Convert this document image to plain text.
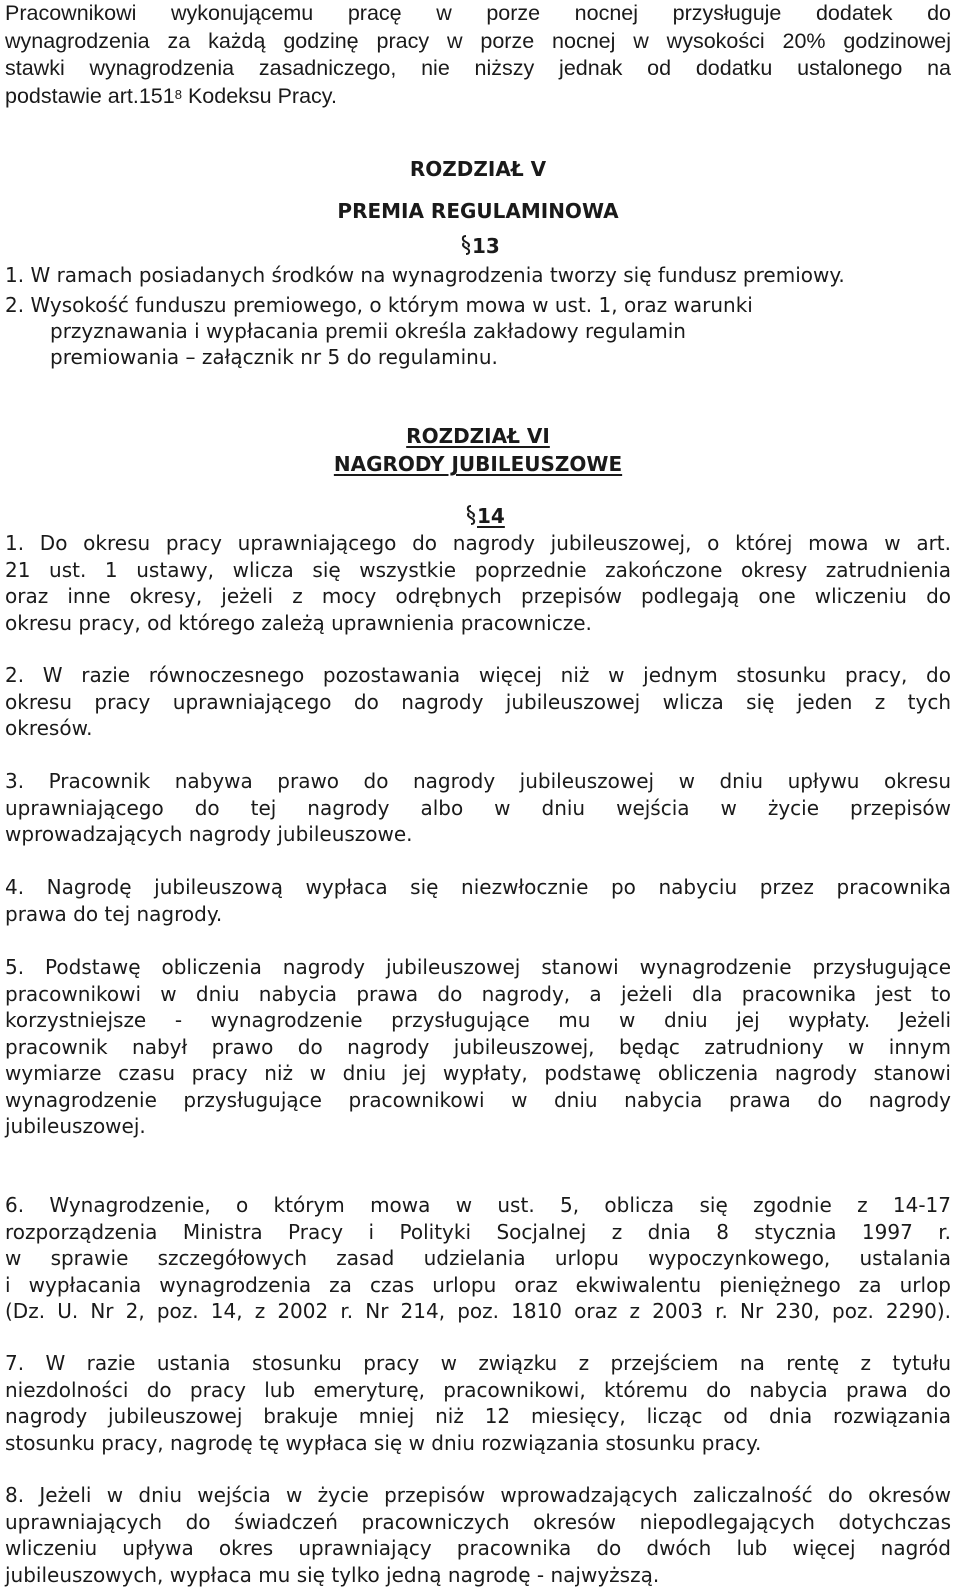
Pracownikowi wykonującemu pracę w porze nocnej przysługuje dodatek do

wynagrodzenia za każdą godzinę pracy w porze nocnej w wysokości 20% godzinowej

stawki wynagrodzenia zasadniczego, nie niższy jednak od dodatku ustalonego na

podstawie art.151$^8$ Kodeksu Pracy.

ROZDZIAŁ V
PREMIA REGULAMINOWA
13

1. W ramach posiadanych środków na wynagrodzenia tworzy się fundusz premiowy.

2. Wysokość funduszu premiowego, o którym mowa w ust. 1, oraz warunki

przyznawania i wypłacania premii określa zakładowy regulamin

premiowania – załącznik nr 5 do regulaminu.

ROZDZIAŁ VI
NAGRODY JUBILEUSZOWE
14

1. Do okresu pracy uprawniającego do nagrody jubileuszowej, o której mowa w art.

21 ust. 1 ustawy, wlicza się wszystkie poprzednie zakończone okresy zatrudnienia

oraz inne okresy, jeżeli z mocy odrębnych przepisów podlegają one wliczeniu do

okresu pracy, od którego zależą uprawnienia pracownicze.

2. W razie równoczesnego pozostawania więcej niż w jednym stosunku pracy, do

okresu pracy uprawniającego do nagrody jubileuszowej wlicza się jeden z tych

okresów.

3. Pracownik nabywa prawo do nagrody jubileuszowej w dniu upływu okresu

uprawniającego do tej nagrody albo w dniu wejścia w życie przepisów

wprowadzających nagrody jubileuszowe.

4. Nagrodę jubileuszową wypłaca się niezwłocznie po nabyciu przez pracownika

prawa do tej nagrody.

5. Podstawę obliczenia nagrody jubileuszowej stanowi wynagrodzenie przysługujące

pracownikowi w dniu nabycia prawa do nagrody, a jeżeli dla pracownika jest to

korzystniejsze - wynagrodzenie przysługujące mu w dniu jej wypłaty. Jeżeli

pracownik nabył prawo do nagrody jubileuszowej, będąc zatrudniony w innym

wymiarze czasu pracy niż w dniu jej wypłaty, podstawę obliczenia nagrody stanowi

wynagrodzenie przysługujące pracownikowi w dniu nabycia prawa do nagrody

jubileuszowej.

6. Wynagrodzenie, o którym mowa w ust. 5, oblicza się zgodnie z 14-17

rozporządzenia Ministra Pracy i Polityki Socjalnej z dnia 8 stycznia 1997 r.

w sprawie szczegółowych zasad udzielania urlopu wypoczynkowego, ustalania

i wypłacania wynagrodzenia za czas urlopu oraz ekwiwalentu pieniężnego za urlop

(Dz. U. Nr 2, poz. 14, z 2002 r. Nr 214, poz. 1810 oraz z 2003 r. Nr 230, poz. 2290).

7. W razie ustania stosunku pracy w związku z przejściem na rentę z tytułu

niezdolności do pracy lub emeryturę, pracownikowi, któremu do nabycia prawa do

nagrody jubileuszowej brakuje mniej niż 12 miesięcy, licząc od dnia rozwiązania

stosunku pracy, nagrodę tę wypłaca się w dniu rozwiązania stosunku pracy.

8. Jeżeli w dniu wejścia w życie przepisów wprowadzających zaliczalność do okresów

uprawniających do świadczeń pracowniczych okresów niepodlegających dotychczas

wliczeniu upływa okres uprawniający pracownika do dwóch lub więcej nagród

jubileuszowych, wypłaca mu się tylko jedną nagrodę - najwyższą.
